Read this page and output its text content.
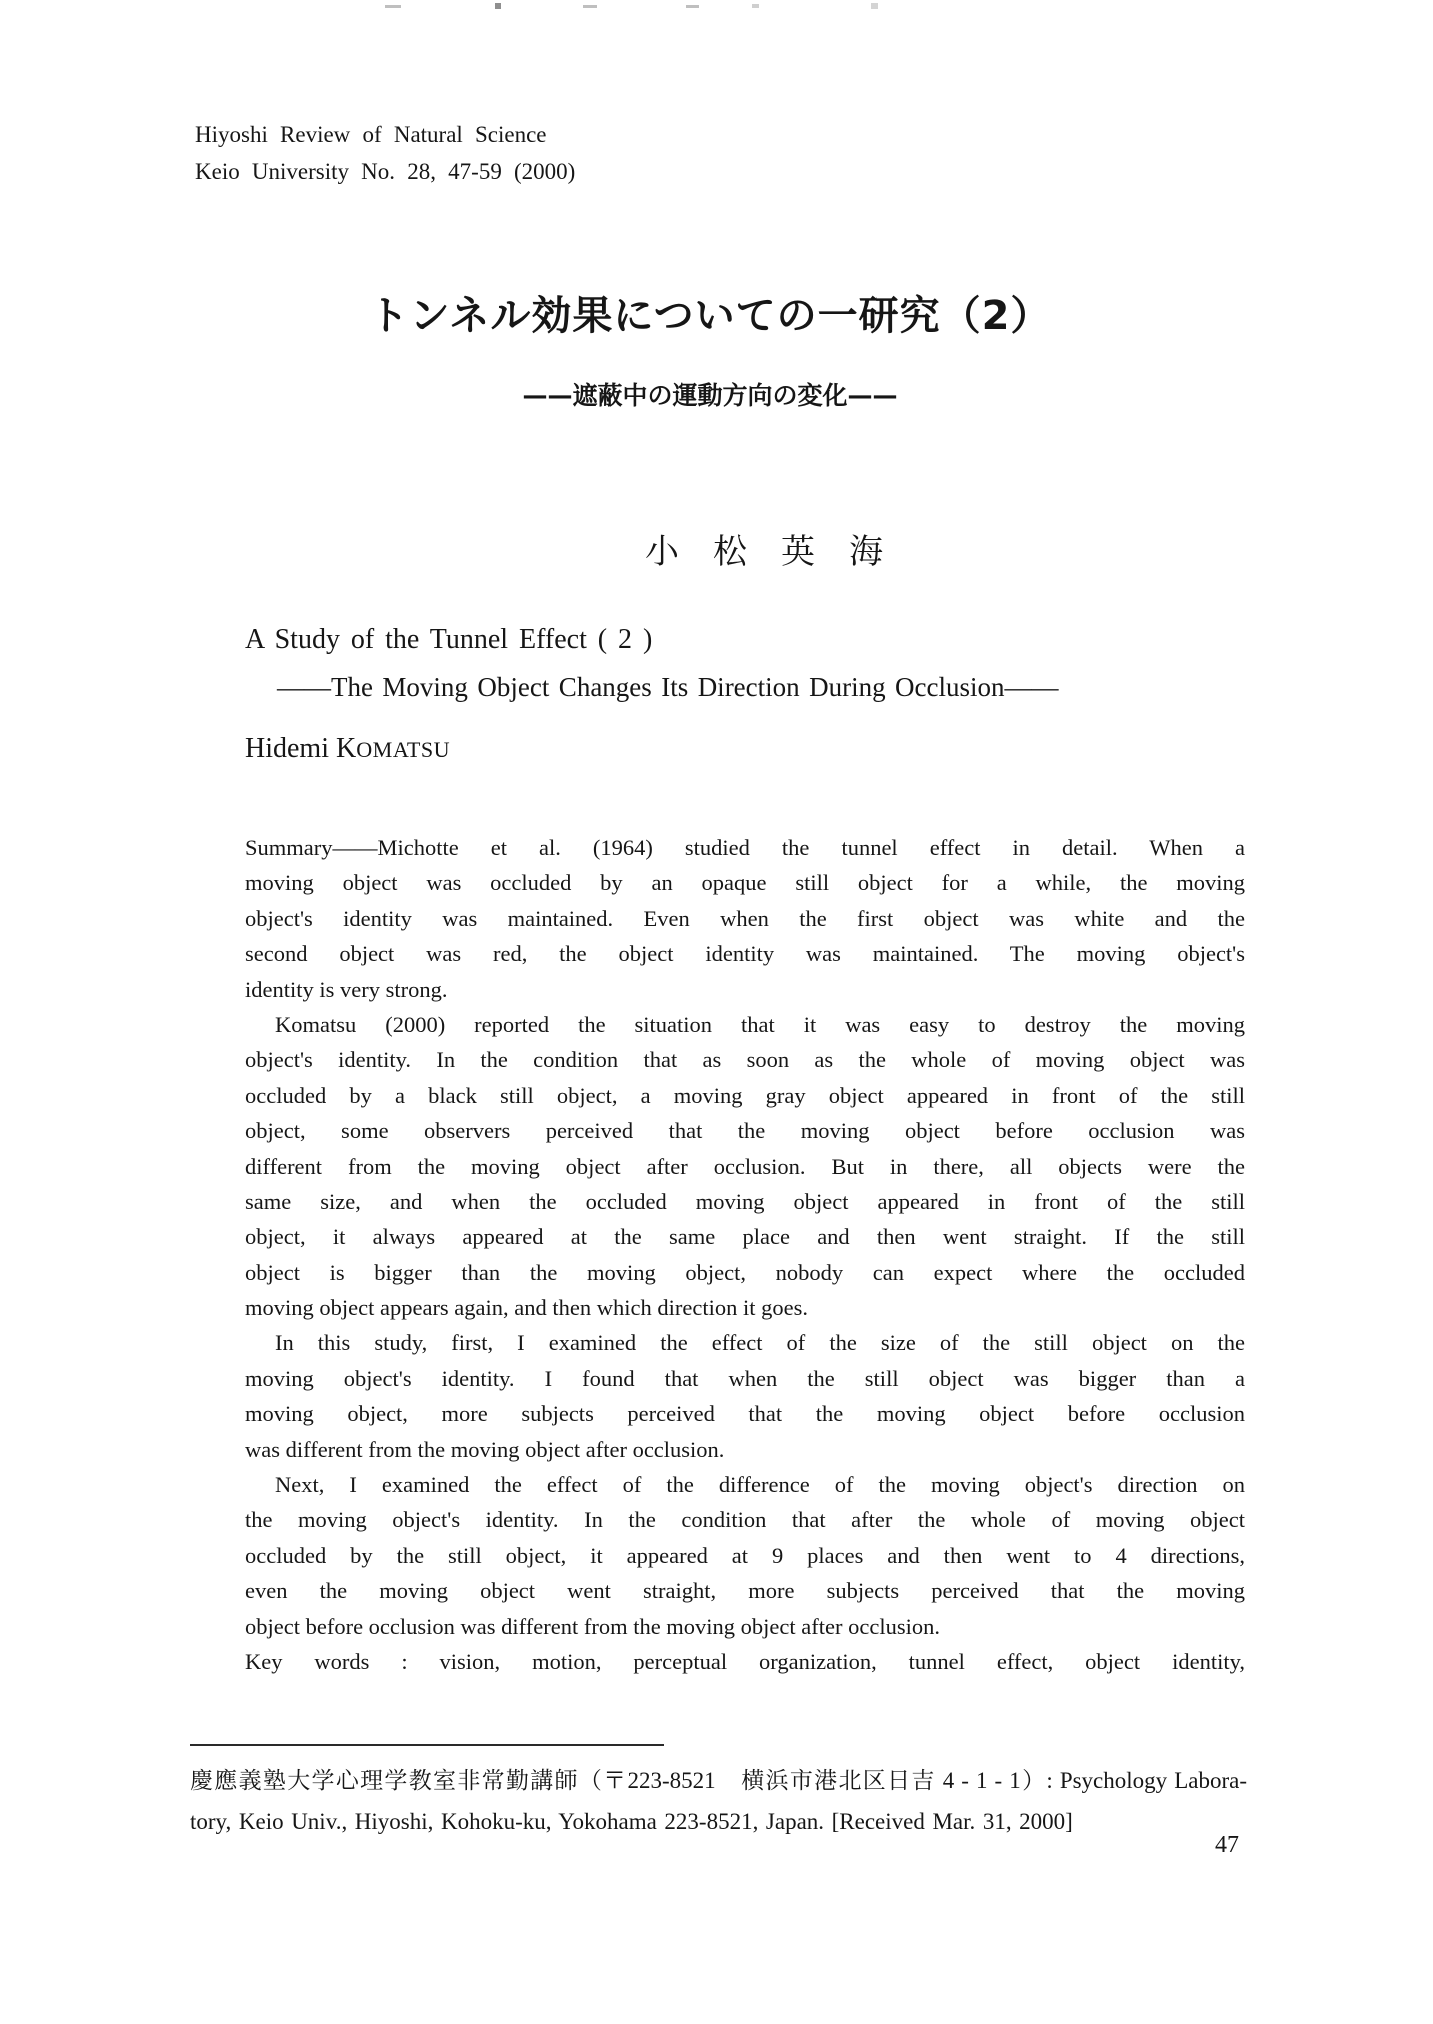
Hiyoshi Review of Natural Science
Keio University No. 28, 47-59 (2000)
トンネル効果についての一研究（2）
——遮蔽中の運動方向の変化——
小　松　英　海
A Study of the Tunnel Effect ( 2 )
——The Moving Object Changes Its Direction During Occlusion——
Hidemi KOMATSU
Summary——Michotte et al. (1964) studied the tunnel effect in detail. When a
moving object was occluded by an opaque still object for a while, the moving
object's identity was maintained. Even when the first object was white and the
second object was red, the object identity was maintained. The moving object's
identity is very strong.
Komatsu (2000) reported the situation that it was easy to destroy the moving
object's identity. In the condition that as soon as the whole of moving object was
occluded by a black still object, a moving gray object appeared in front of the still
object, some observers perceived that the moving object before occlusion was
different from the moving object after occlusion. But in there, all objects were the
same size, and when the occluded moving object appeared in front of the still
object, it always appeared at the same place and then went straight. If the still
object is bigger than the moving object, nobody can expect where the occluded
moving object appears again, and then which direction it goes.
In this study, first, I examined the effect of the size of the still object on the
moving object's identity. I found that when the still object was bigger than a
moving object, more subjects perceived that the moving object before occlusion
was different from the moving object after occlusion.
Next, I examined the effect of the difference of the moving object's direction on
the moving object's identity. In the condition that after the whole of moving object
occluded by the still object, it appeared at 9 places and then went to 4 directions,
even the moving object went straight, more subjects perceived that the moving
object before occlusion was different from the moving object after occlusion.
Key words : vision, motion, perceptual organization, tunnel effect, object identity,
慶應義塾大学心理学教室非常勤講師（〒223-8521　横浜市港北区日吉 4 - 1 - 1）: Psychology Labora-
tory, Keio Univ., Hiyoshi, Kohoku-ku, Yokohama 223-8521, Japan. [Received Mar. 31, 2000]
47
